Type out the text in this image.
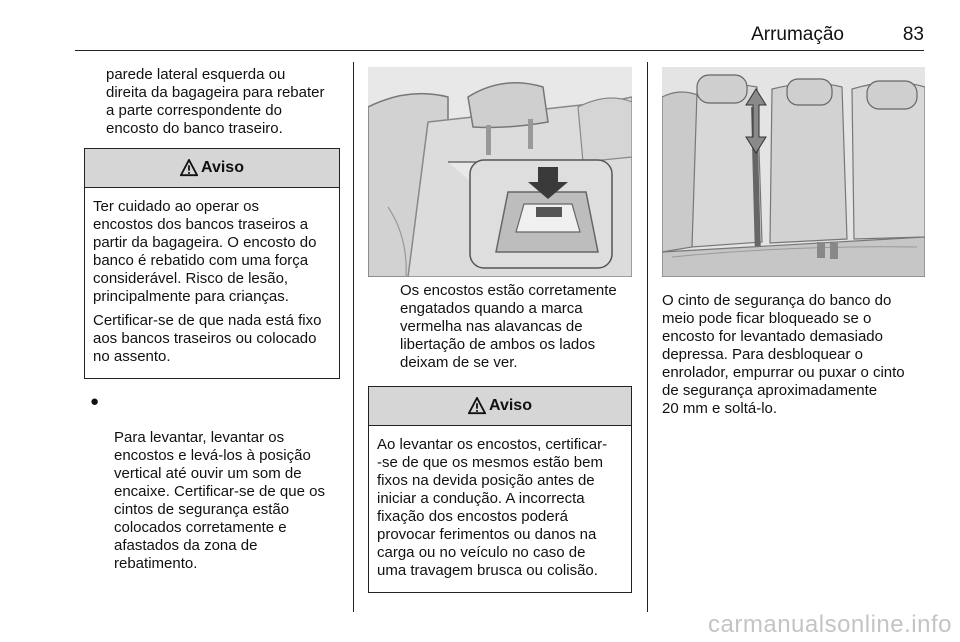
Arrumação	83

parede lateral esquerda ou
direita da bagageira para rebater
a parte correspondente do
encosto do banco traseiro.

Aviso

Ter cuidado ao operar os
encostos dos bancos traseiros a
partir da bagageira. O encosto do
banco é rebatido com uma força
considerável. Risco de lesão,
principalmente para crianças.

Certificar-se de que nada está fixo
aos bancos traseiros ou colocado
no assento.

●

Para levantar, levantar os
encostos e levá-los à posição
vertical até ouvir um som de
encaixe. Certificar-se de que os
cintos de segurança estão
colocados corretamente e
afastados da zona de
rebatimento.

Os encostos estão corretamente
engatados quando a marca
vermelha nas alavancas de
libertação de ambos os lados
deixam de se ver.

Aviso

Ao levantar os encostos, certificar-
-se de que os mesmos estão bem
fixos na devida posição antes de
iniciar a condução. A incorrecta
fixação dos encostos poderá
provocar ferimentos ou danos na
carga ou no veículo no caso de
uma travagem brusca ou colisão.

O cinto de segurança do banco do
meio pode ficar bloqueado se o
encosto for levantado demasiado
depressa. Para desbloquear o
enrolador, empurrar ou puxar o cinto
de segurança aproximadamente
20 mm e soltá-lo.

carmanualsonline.info
